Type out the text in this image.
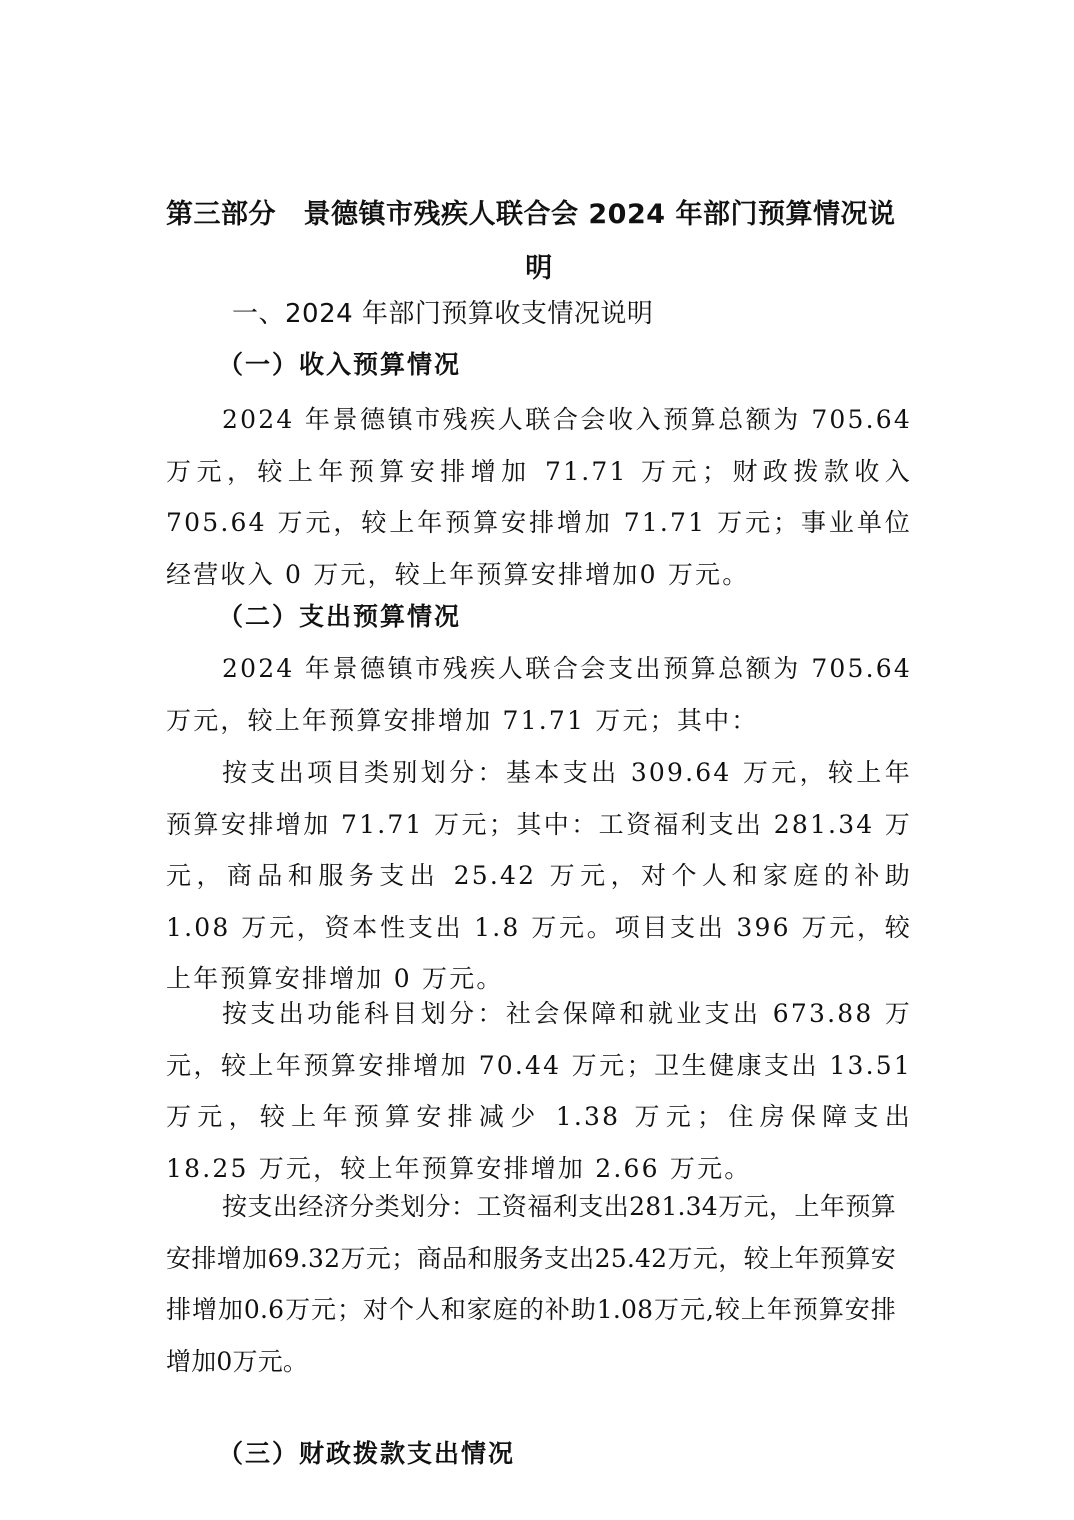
第三部分　景德镇市残疾人联合会 2024 年部门预算情况说
明
一、2024 年部门预算收支情况说明
（一）收入预算情况

2024 年景德镇市残疾人联合会收入预算总额为 705.64 万元，较上年预算安排增加 71.71 万元；财政拨款收入 705.64 万元，较上年预算安排增加 71.71 万元；事业单位经营收入 0 万元，较上年预算安排增加0 万元。

（二）支出预算情况

2024 年景德镇市残疾人联合会支出预算总额为 705.64 万元，较上年预算安排增加 71.71 万元；其中：

按支出项目类别划分：基本支出 309.64 万元，较上年预算安排增加 71.71 万元；其中：工资福利支出 281.34 万元，商品和服务支出 25.42 万元，对个人和家庭的补助 1.08 万元，资本性支出 1.8 万元。项目支出 396 万元，较上年预算安排增加 0 万元。

按支出功能科目划分：社会保障和就业支出 673.88 万元，较上年预算安排增加 70.44 万元；卫生健康支出 13.51 万元，较上年预算安排减少 1.38 万元；住房保障支出 18.25 万元，较上年预算安排增加 2.66 万元。

按支出经济分类划分：工资福利支出281.34万元，上年预算安排增加69.32万元；商品和服务支出25.42万元，较上年预算安排增加0.6万元；对个人和家庭的补助1.08万元,较上年预算安排增加0万元。

（三）财政拨款支出情况
